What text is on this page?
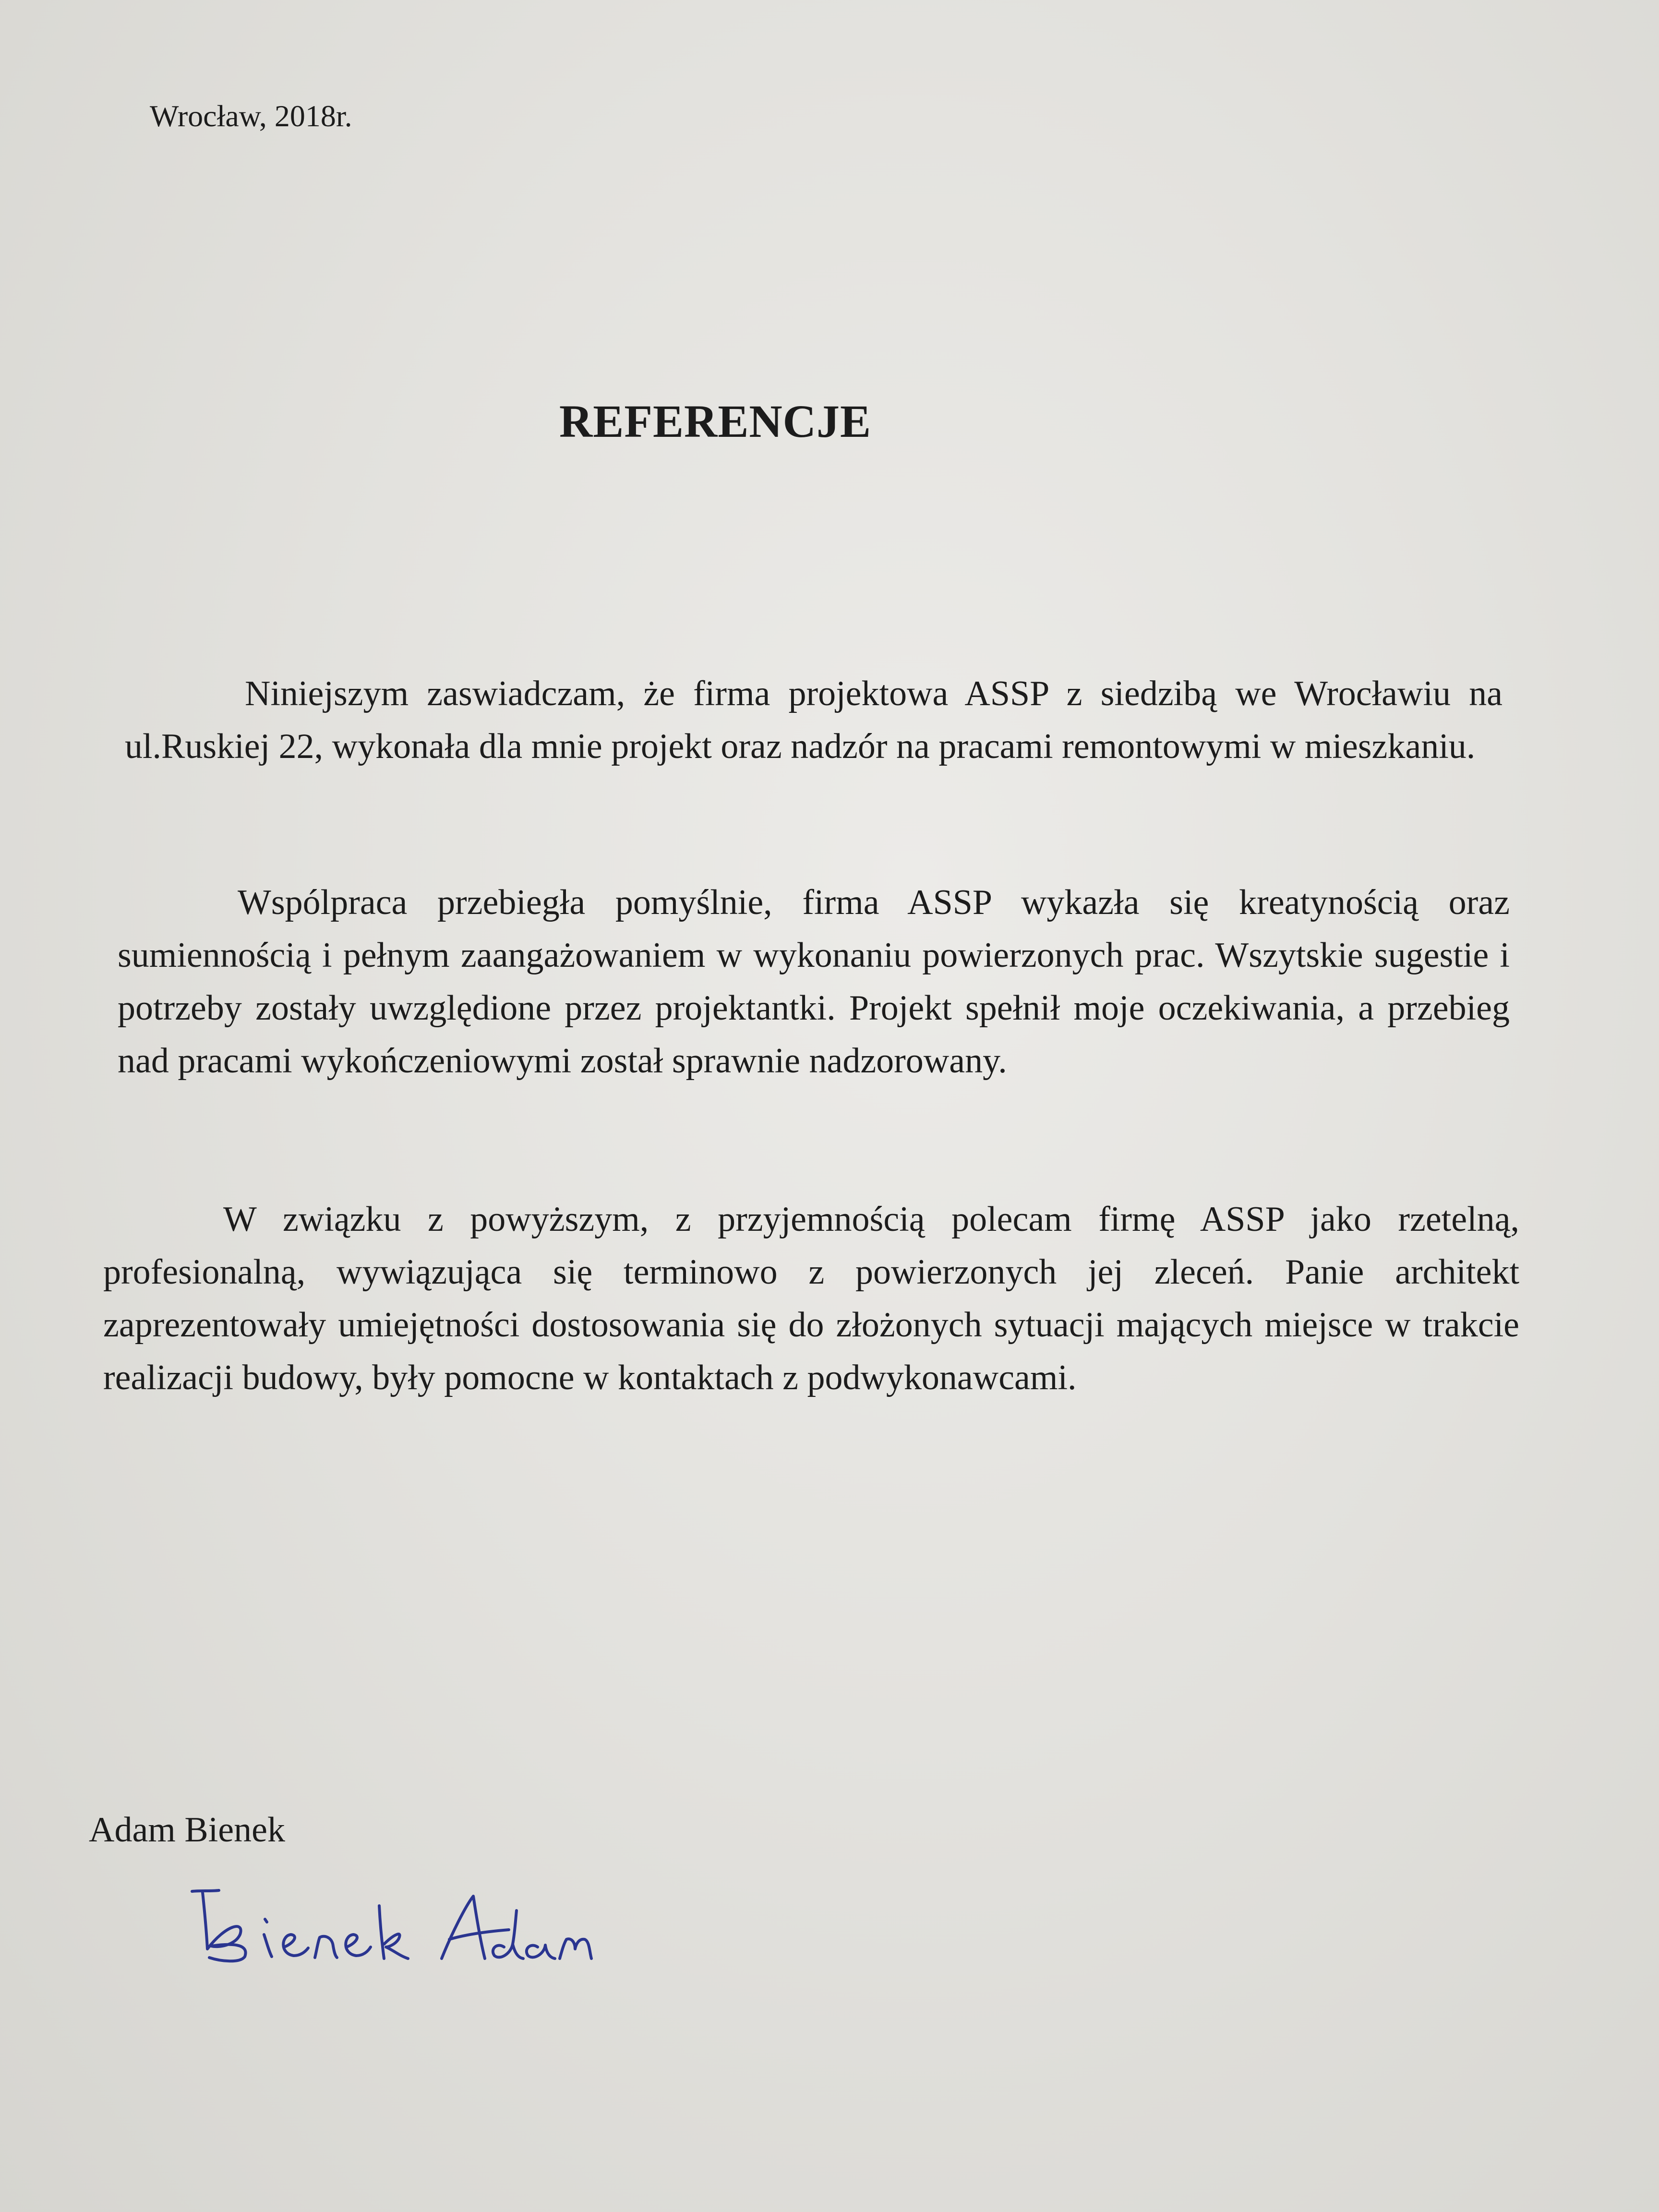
Wrocław, 2018r.
REFERENCJE

Niniejszym zaswiadczam, że firma projektowa ASSP z siedzibą we Wrocławiu na ul.Ruskiej 22, wykonała dla mnie projekt oraz nadzór na pracami remontowymi w mieszkaniu.

Wspólpraca przebiegła pomyślnie, firma ASSP wykazła się kreatynością oraz sumiennością i pełnym zaangażowaniem w wykonaniu powierzonych prac. Wszytskie sugestie i potrzeby zostały uwzględione przez projektantki. Projekt spełnił moje oczekiwania, a przebieg nad pracami wykończeniowymi został sprawnie nadzorowany.

W związku z powyższym, z przyjemnością polecam firmę ASSP jako rzetelną, profesionalną, wywiązująca się terminowo z powierzonych jej zleceń. Panie architekt zaprezentowały umiejętności dostosowania się do złożonych sytuacji mających miejsce w trakcie realizacji budowy, były pomocne w kontaktach z podwykonawcami.

Adam Bienek
